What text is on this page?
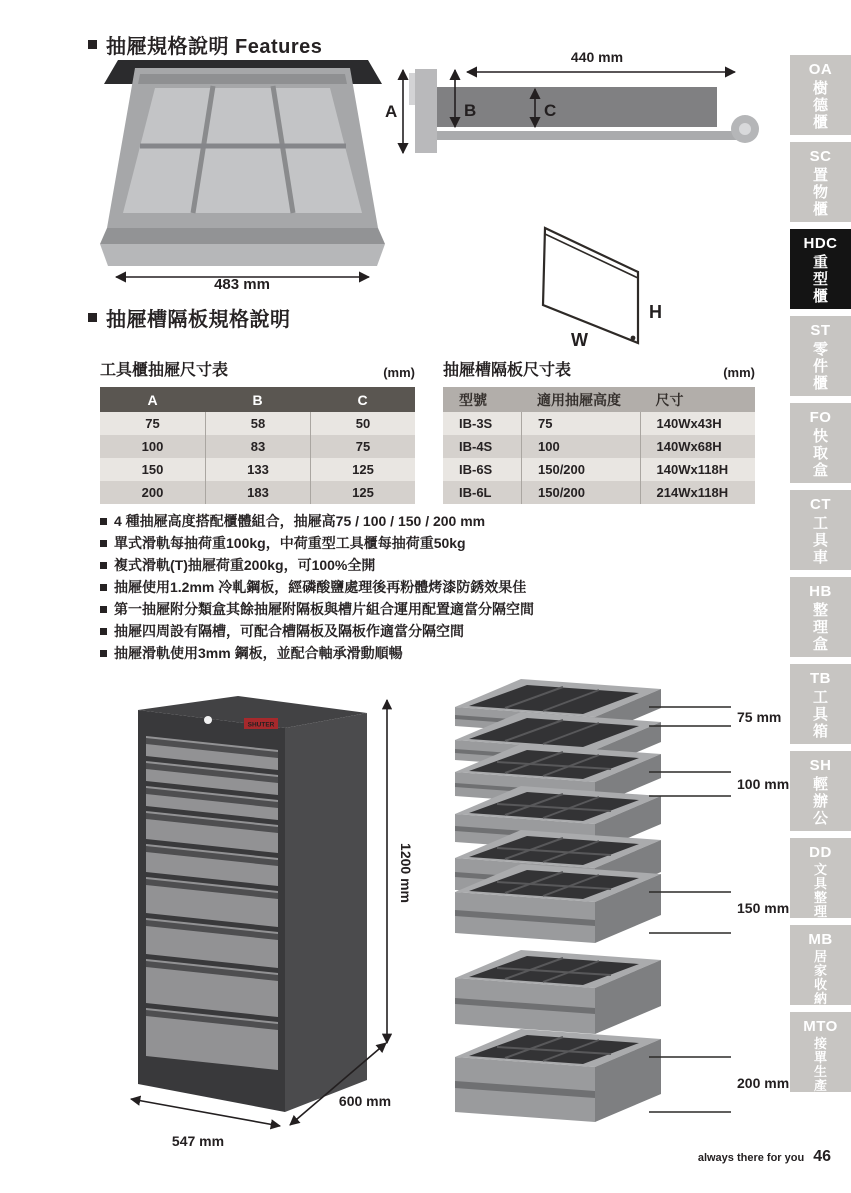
抽屜規格說明 Features
483 mm
440 mm
A	B	C
H
W
抽屜槽隔板規格說明
工具櫃抽屜尺寸表	(mm)
A	B	C
75	58	50
100	83	75
150	133	125
200	183	125
抽屜槽隔板尺寸表	(mm)
型號	適用抽屜高度	尺寸
IB-3S	75	140Wx43H
IB-4S	100	140Wx68H
IB-6S	150/200	140Wx118H
IB-6L	150/200	214Wx118H
4 種抽屜高度搭配櫃體組合，抽屜高75 / 100 / 150 / 200 mm
單式滑軌每抽荷重100kg，中荷重型工具櫃每抽荷重50kg
複式滑軌(T)抽屜荷重200kg，可100%全開
抽屜使用1.2mm 冷軋鋼板，經磷酸鹽處理後再粉體烤漆防銹效果佳
第一抽屜附分類盒其餘抽屜附隔板與槽片組合運用配置適當分隔空間
抽屜四周設有隔槽，可配合槽隔板及隔板作適當分隔空間
抽屜滑軌使用3mm 鋼板，並配合軸承滑動順暢
SHUTER
1200 mm
547 mm
600 mm
75 mm
100 mm
150 mm
200 mm
OA
樹德櫃
SC
置物櫃
HDC
重型櫃
ST
零件櫃
FO
快取盒
CT
工具車
HB
整理盒
TB
工具箱
SH
輕辦公
DD
文具整理
MB
居家收納
MTO
接單生產
always there for you 46
